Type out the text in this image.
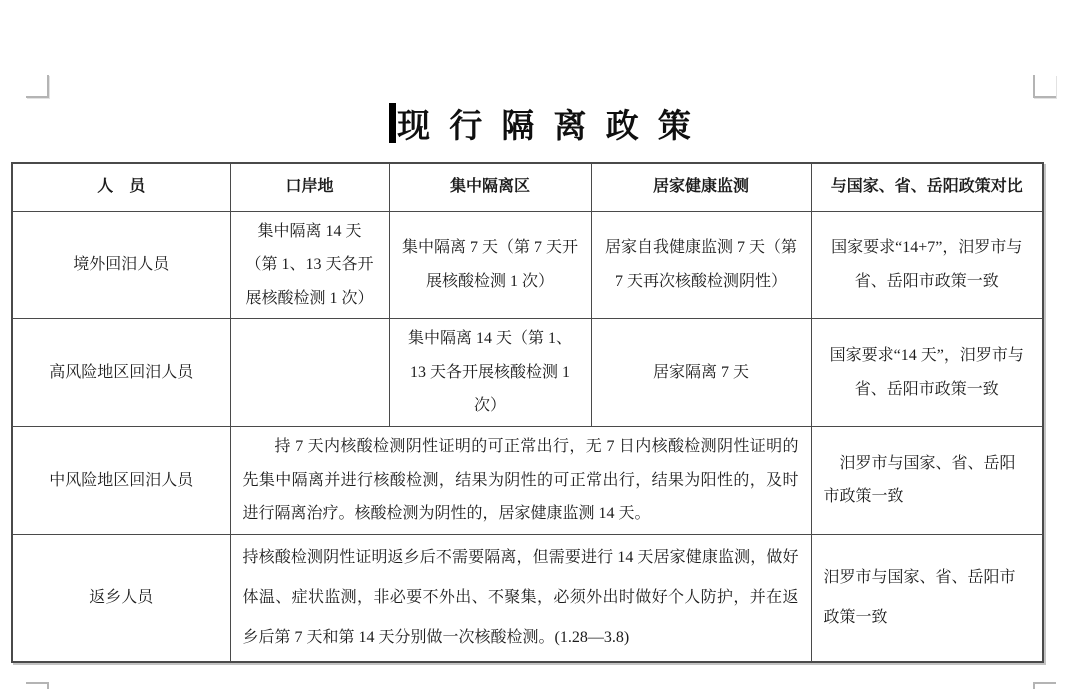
现行隔离政策
人　员	口岸地	集中隔离区	居家健康监测	与国家、省、岳阳政策对比
境外回汨人员	集中隔离 14 天（第 1、13 天各开展核酸检测 1 次）	集中隔离 7 天（第 7 天开展核酸检测 1 次）	居家自我健康监测 7 天（第 7 天再次核酸检测阴性）	国家要求“14+7”，汨罗市与省、岳阳市政策一致
高风险地区回汨人员		集中隔离 14 天（第 1、13 天各开展核酸检测 1 次）	居家隔离 7 天	国家要求“14 天”，汨罗市与省、岳阳市政策一致
中风险地区回汨人员	持 7 天内核酸检测阴性证明的可正常出行，无 7 日内核酸检测阴性证明的先集中隔离并进行核酸检测，结果为阴性的可正常出行，结果为阳性的，及时进行隔离治疗。核酸检测为阴性的，居家健康监测 14 天。			汨罗市与国家、省、岳阳市政策一致
返乡人员	持核酸检测阴性证明返乡后不需要隔离，但需要进行 14 天居家健康监测，做好体温、症状监测，非必要不外出、不聚集，必须外出时做好个人防护，并在返乡后第 7 天和第 14 天分别做一次核酸检测。(1.28—3.8)			汨罗市与国家、省、岳阳市政策一致
